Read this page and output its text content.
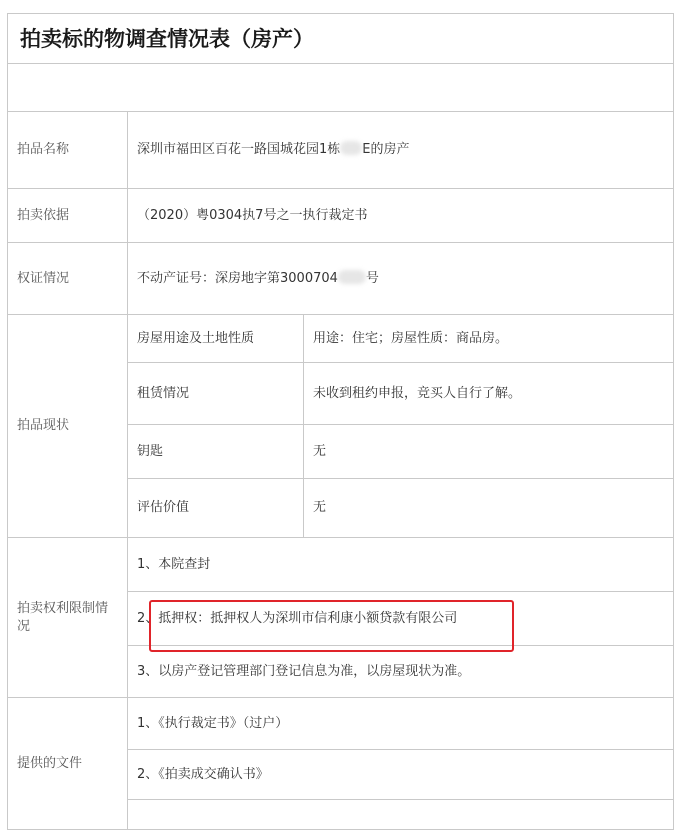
拍卖标的物调查情况表（房产）		

拍品名称	深圳市福田区百花一路国城花园1栋 E的房产	
拍卖依据	（2020）粤0304执7号之一执行裁定书	
权证情况	不动产证号：深房地字第3000704 号	
拍品现状	房屋用途及土地性质	用途：住宅；房屋性质：商品房。
	租赁情况	未收到租约申报，竞买人自行了解。
	钥匙	无
	评估价值	无
拍卖权利限制情况	1、本院查封	
	2、抵押权：抵押权人为深圳市信利康小额贷款有限公司	
	3、以房产登记管理部门登记信息为准，以房屋现状为准。	
提供的文件	1、《执行裁定书》（过户）	
	2、《拍卖成交确认书》	
